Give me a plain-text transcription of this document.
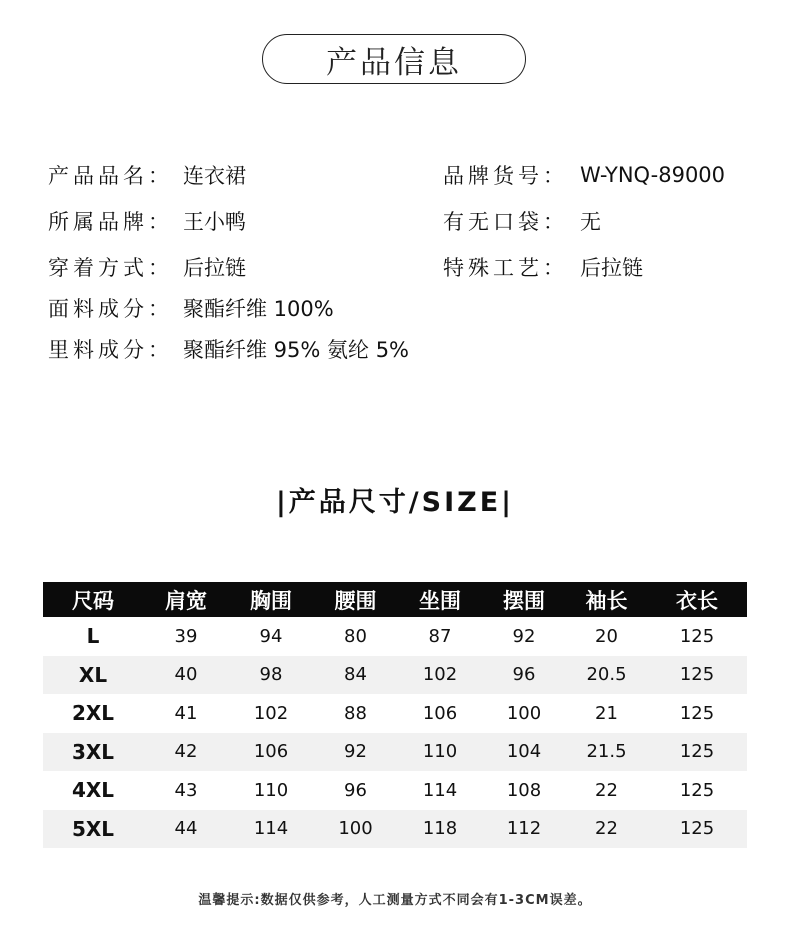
产品信息
产品品名： 连衣裙
所属品牌： 王小鸭
穿着方式： 后拉链
面料成分： 聚酯纤维 100%
里料成分： 聚酯纤维 95% 氨纶 5%
品牌货号： W-YNQ-89000
有无口袋： 无
特殊工艺： 后拉链
|产品尺寸/SIZE|
尺码	肩宽	胸围	腰围	坐围	摆围	袖长	衣长
L	39	94	80	87	92	20	125
XL	40	98	84	102	96	20.5	125
2XL	41	102	88	106	100	21	125
3XL	42	106	92	110	104	21.5	125
4XL	43	110	96	114	108	22	125
5XL	44	114	100	118	112	22	125
温馨提示:数据仅供参考，人工测量方式不同会有1-3CM误差。
